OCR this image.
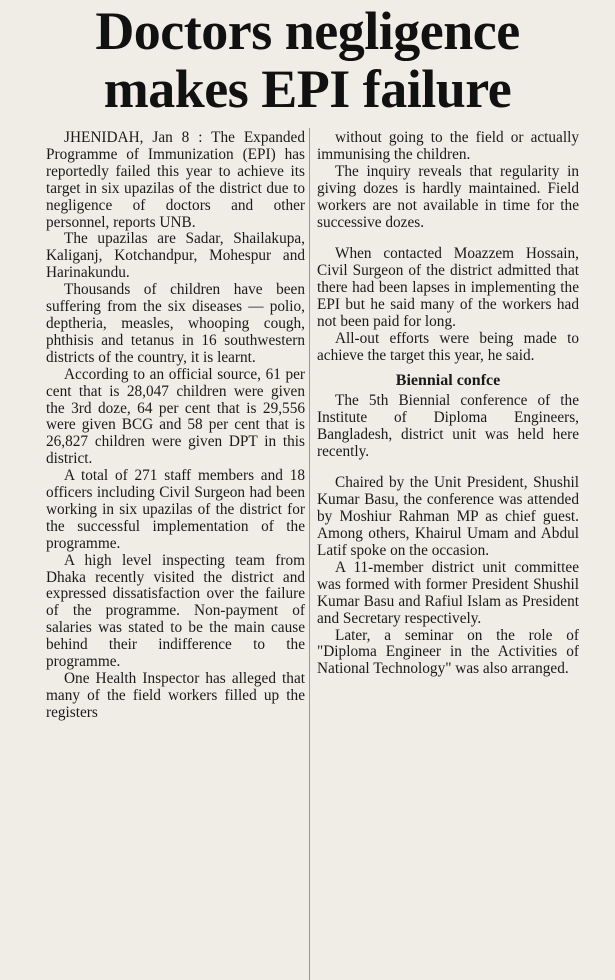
Doctors negligence
makes EPI failure

JHENIDAH, Jan 8 : The Expanded Programme of Immunization (EPI) has reportedly failed this year to achieve its target in six upazilas of the district due to negligence of doctors and other personnel, reports UNB.

The upazilas are Sadar, Shailakupa, Kaliganj, Kotchandpur, Mohespur and Harinakundu.

Thousands of children have been suffering from the six diseases — polio, deptheria, measles, whooping cough, phthisis and tetanus in 16 southwestern districts of the country, it is learnt.

According to an official source, 61 per cent that is 28,047 children were given the 3rd doze, 64 per cent that is 29,556 were given BCG and 58 per cent that is 26,827 children were given DPT in this district.

A total of 271 staff members and 18 officers including Civil Surgeon had been working in six upazilas of the district for the successful implementation of the programme.

A high level inspecting team from Dhaka recently visited the district and expressed dissatisfaction over the failure of the programme. Non-payment of salaries was stated to be the main cause behind their indifference to the programme.

One Health Inspector has alleged that many of the field workers filled up the registers

without going to the field or actually immunising the children.

The inquiry reveals that regularity in giving dozes is hardly maintained. Field workers are not available in time for the successive dozes.

When contacted Moazzem Hossain, Civil Surgeon of the district admitted that there had been lapses in implementing the EPI but he said many of the workers had not been paid for long.

All-out efforts were being made to achieve the target this year, he said.

Biennial confce

The 5th Biennial conference of the Institute of Diploma Engineers, Bangladesh, district unit was held here recently.

Chaired by the Unit President, Shushil Kumar Basu, the conference was attended by Moshiur Rahman MP as chief guest. Among others, Khairul Umam and Abdul Latif spoke on the occasion.

A 11-member district unit committee was formed with former President Shushil Kumar Basu and Rafiul Islam as President and Secretary respectively.

Later, a seminar on the role of "Diploma Engineer in the Activities of National Technology" was also arranged.
